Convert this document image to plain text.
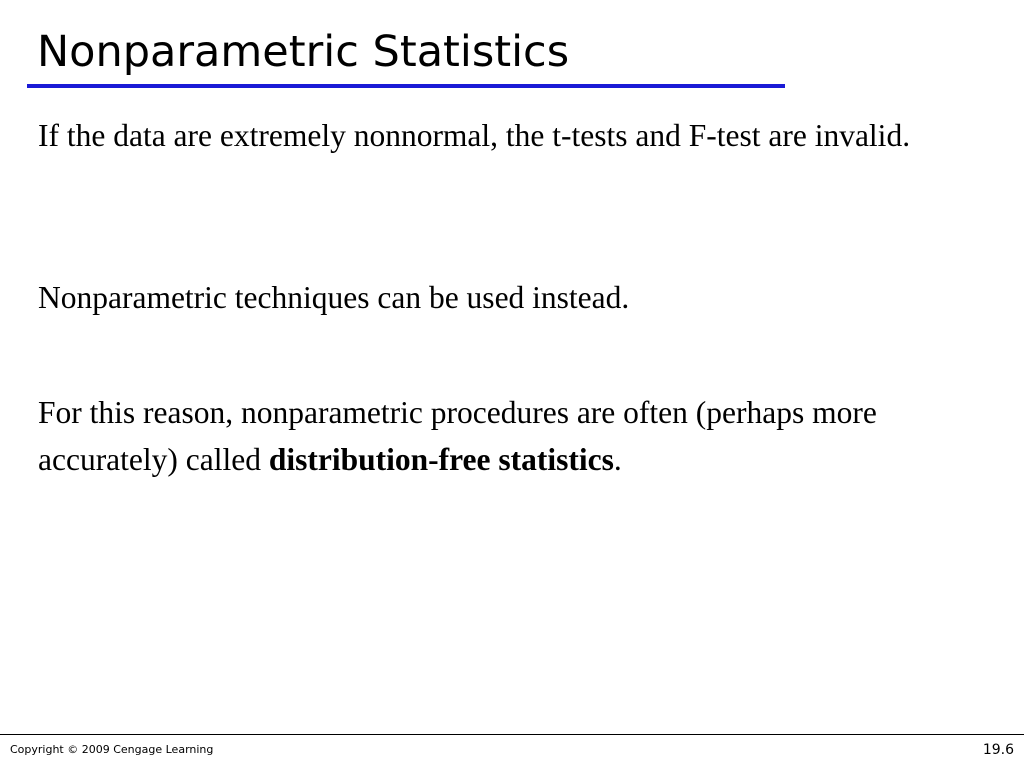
Nonparametric Statistics

If the data are extremely nonnormal, the t-tests and F-test are invalid.

Nonparametric techniques can be used instead.

For this reason, nonparametric procedures are often (perhaps more accurately) called distribution-free statistics.

Copyright © 2009 Cengage Learning	19.6
